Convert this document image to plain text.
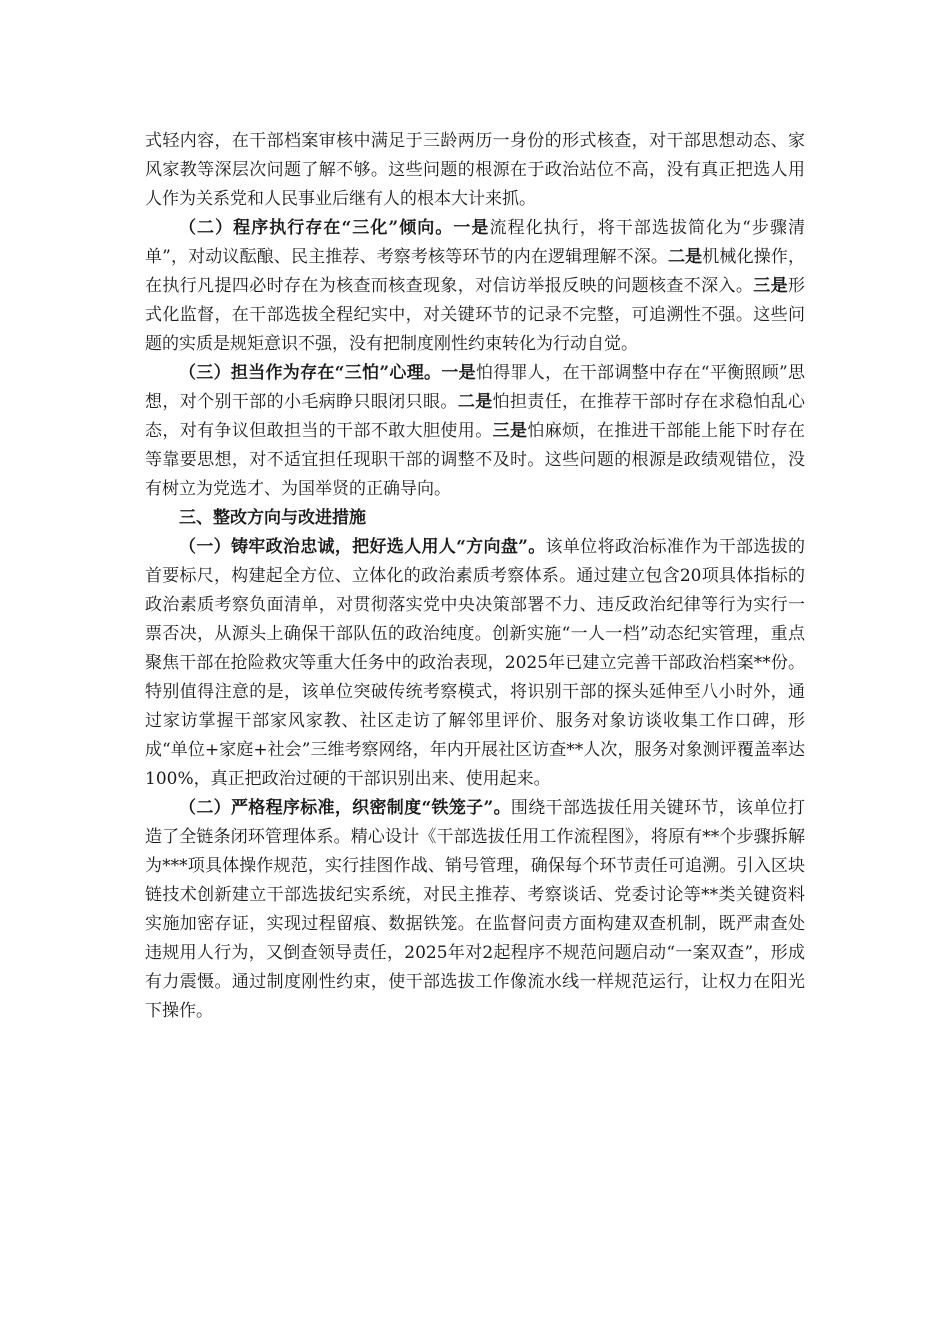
式轻内容，在干部档案审核中满足于三龄两历一身份的形式核查，对干部思想动态、家风家教等深层次问题了解不够。这些问题的根源在于政治站位不高，没有真正把选人用人作为关系党和人民事业后继有人的根本大计来抓。

（二）程序执行存在“三化”倾向。一是流程化执行，将干部选拔简化为“步骤清单”，对动议酝酿、民主推荐、考察考核等环节的内在逻辑理解不深。二是机械化操作，在执行凡提四必时存在为核查而核查现象，对信访举报反映的问题核查不深入。三是形式化监督，在干部选拔全程纪实中，对关键环节的记录不完整，可追溯性不强。这些问题的实质是规矩意识不强，没有把制度刚性约束转化为行动自觉。

（三）担当作为存在“三怕”心理。一是怕得罪人，在干部调整中存在“平衡照顾”思想，对个别干部的小毛病睁只眼闭只眼。二是怕担责任，在推荐干部时存在求稳怕乱心态，对有争议但敢担当的干部不敢大胆使用。三是怕麻烦，在推进干部能上能下时存在等靠要思想，对不适宜担任现职干部的调整不及时。这些问题的根源是政绩观错位，没有树立为党选才、为国举贤的正确导向。

三、整改方向与改进措施

（一）铸牢政治忠诚，把好选人用人“方向盘”。该单位将政治标准作为干部选拔的首要标尺，构建起全方位、立体化的政治素质考察体系。通过建立包含20项具体指标的政治素质考察负面清单，对贯彻落实党中央决策部署不力、违反政治纪律等行为实行一票否决，从源头上确保干部队伍的政治纯度。创新实施“一人一档”动态纪实管理，重点聚焦干部在抢险救灾等重大任务中的政治表现，2025年已建立完善干部政治档案**份。特别值得注意的是，该单位突破传统考察模式，将识别干部的探头延伸至八小时外，通过家访掌握干部家风家教、社区走访了解邻里评价、服务对象访谈收集工作口碑，形成“单位+家庭+社会”三维考察网络，年内开展社区访查**人次，服务对象测评覆盖率达100%，真正把政治过硬的干部识别出来、使用起来。

（二）严格程序标准，织密制度“铁笼子”。围绕干部选拔任用关键环节，该单位打造了全链条闭环管理体系。精心设计《干部选拔任用工作流程图》，将原有**个步骤拆解为***项具体操作规范，实行挂图作战、销号管理，确保每个环节责任可追溯。引入区块链技术创新建立干部选拔纪实系统，对民主推荐、考察谈话、党委讨论等**类关键资料实施加密存证，实现过程留痕、数据铁笼。在监督问责方面构建双查机制，既严肃查处违规用人行为，又倒查领导责任，2025年对2起程序不规范问题启动“一案双查”，形成有力震慑。通过制度刚性约束，使干部选拔工作像流水线一样规范运行，让权力在阳光下操作。
